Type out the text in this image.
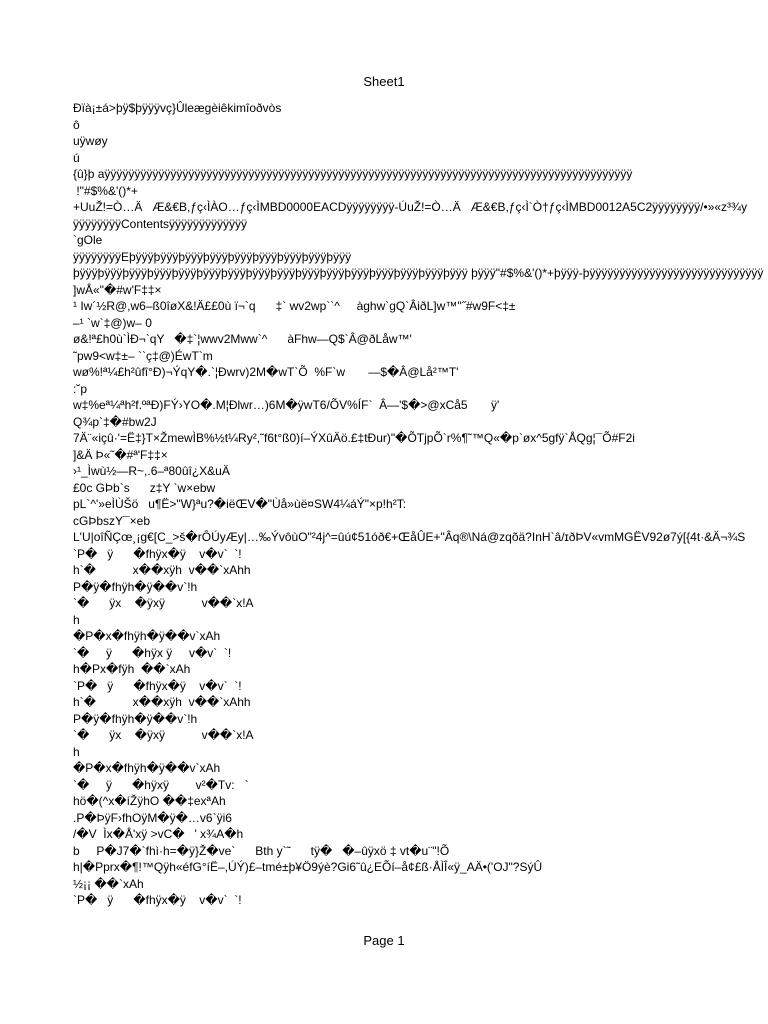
Sheet1
Ðïà¡±á>þÿ$þÿÿÿvç}Ûleægèiêkimîoðvòs
ô
uÿwøy
ú
{û}þ aÿÿÿÿÿÿÿÿÿÿÿÿÿÿÿÿÿÿÿÿÿÿÿÿÿÿÿÿÿÿÿÿÿÿÿÿÿÿÿÿÿÿÿÿÿÿÿÿÿÿÿÿÿÿÿÿÿÿÿÿÿÿÿÿÿÿÿÿÿÿÿÿÿÿÿÿÿÿÿÿÿÿÿÿÿÿÿÿ
!"#$%&'()*+
+UuŽ!=Ò…Ä   Æ&€B,ƒç‹ÌÀO…ƒç‹ÌMBD0000EACDÿÿÿÿÿÿÿÿ-ÚuŽ!=Ò…Ä   Æ&€B,ƒç‹Ì`Ò†ƒç‹ÌMBD0012A5C2ÿÿÿÿÿÿÿÿ/•»«z³¾y
ÿÿÿÿÿÿÿÿContentsÿÿÿÿÿÿÿÿÿÿÿÿÿ
`gOle
ÿÿÿÿÿÿÿÿEþÿÿÿþÿÿÿþÿÿÿþÿÿÿþÿÿÿþÿÿÿþÿÿÿþÿÿÿþÿÿÿ
þÿÿÿþÿÿÿþÿÿÿþÿÿÿþÿÿÿþÿÿÿþÿÿÿþÿÿÿþÿÿÿþÿÿÿþÿÿÿþÿÿÿþÿÿÿþÿÿÿþÿÿÿþÿÿÿ þÿÿÿ"#$%&'()*+þÿÿÿ-þÿÿÿÿÿÿÿÿÿÿÿÿÿÿÿÿÿÿÿÿÿÿÿÿÿÿÿÿÿ
]wÅ«"�#w'F‡‡×
¹ Iw´½R@,w6–ß0îøX&!Ä££0ù ï¬`q      ‡` wv2wp``^     àghw`gQ`ÂiðL]w™''˝#w9F<‡±
–¹ `w`‡@)w– 0
ø&!ª£h0ù`ÌÐ¬`qY   �‡`¦wwv2Mww`^      àFhw—Q$`Â@ðLåw™'
˜pw9<w‡±– ``ç‡@)ÉwT`m
wø%!ª¼£h²ûfî°Ð)¬ÝqY�.`¦Ðwrv)2M�wT`Õ  %F`w       —$�Â@Lå²™T'
:˘p
w‡%eª¼ªh²f.ºªÐ)FÝ›YO�.M¦Ðlwr…)6M�ÿwT6/ÕV%ÍF`  Â—'$�>@xCå5       ÿ'
Q¾p`‡�#bw2J
7Ä¨«içû·'=Ë‡}T×ŽmewÌB%½t¼Ry²,˜f6t°ß0)í–ÝXûÄö.£‡tÐur)"�ÕTjpÕ`r%¶˜™Q«�p`øx^5gfÿ`ÅQg¦¯Õ#F2i
]&Ä Þ«˜�#ª'F‡‡×
›¹_Ìwù½—R~,.6–ª80ûî¿X&uÄ
£0c GÞb`s      z‡Y `w×ebw
pL`^'»eÌÙŠö   u¶Ë>"W}ªu?�iëŒV�"Ùå»ùë¤SW4¼áÝ"×p!h²T:
cGÞbszY¯×eb
L'U|oîÑÇœ¸¡g€[C_>š�rÔÚyÆy|…‰ÝvôùO"²4j^=ûú¢51óð€+ŒåÛE+"Âq®\Ná@zqõä?InH`â/ɪðÞV«vmMGËV92ø7ý[{4t·&Ä¬¾S
`P�   ÿ      �fhÿx�ÿ    v�v`  `!
h`�           x��xÿh  v��`xAhh
P�ÿ�fhÿh�ÿ��v`!h
`�      ÿx    �ÿxÿ           v��`x!A
h
�P�x�fhÿh�ÿ��v`xAh
`�     ÿ      �hÿx ÿ     v�v`  `!
h�Px�fÿh  ��`xAh
`P�   ÿ      �fhÿx�ÿ    v�v`  `!
h`�           x��xÿh  v��`xAhh
P�ÿ�fhÿh�ÿ��v`!h
`�      ÿx    �ÿxÿ           v��`x!A
h
�P�x�fhÿh�ÿ��v`xAh
`�     ÿ      �hÿxÿ        v²�Tv:   `
hö�(^x�íŽÿhO ��‡exªAh
.P�ÞÿF›fhOÿM�ÿ�…v6`ÿi6
/�V  Ìx�Å'xÿ >vC�   ' x¾A�h
b     P�J7�`fhì·h=�ÿ}Ž�ve`      Bth y`˜      tÿ�   �–ûÿxö ‡ vt�u¨"!Õ
h|�Pprx�¶!™Qÿh«éfG°íË–,ÚÝ)£–tmé±þ¥Ö9ýè?Gi6˜û¿EÕí–å¢£ß·ÅÌÎ«ÿ_AÄ•('OJ"?SýÛ
½¡¡ ��`xAh
`P�   ÿ      �fhÿx�ÿ    v�v`  `!
Page 1
